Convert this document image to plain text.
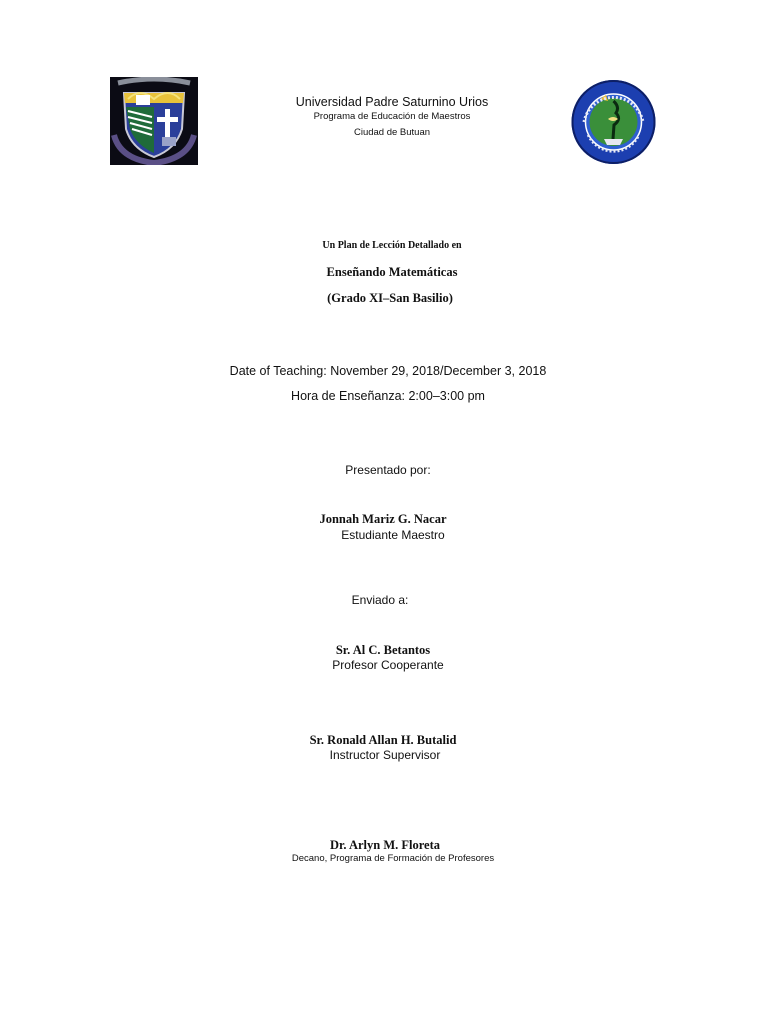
Universidad Padre Saturnino Urios
Programa de Educación de Maestros
Ciudad de Butuan
Un Plan de Lección Detallado en
Enseñando Matemáticas
(Grado XI–San Basilio)
Date of Teaching: November 29, 2018/December 3, 2018
Hora de Enseñanza: 2:00–3:00 pm
Presentado por:
Jonnah Mariz G. Nacar
Estudiante Maestro
Enviado a:
Sr. Al C. Betantos
Profesor Cooperante
Sr. Ronald Allan H. Butalid
Instructor Supervisor
Dr. Arlyn M. Floreta
Decano, Programa de Formación de Profesores
